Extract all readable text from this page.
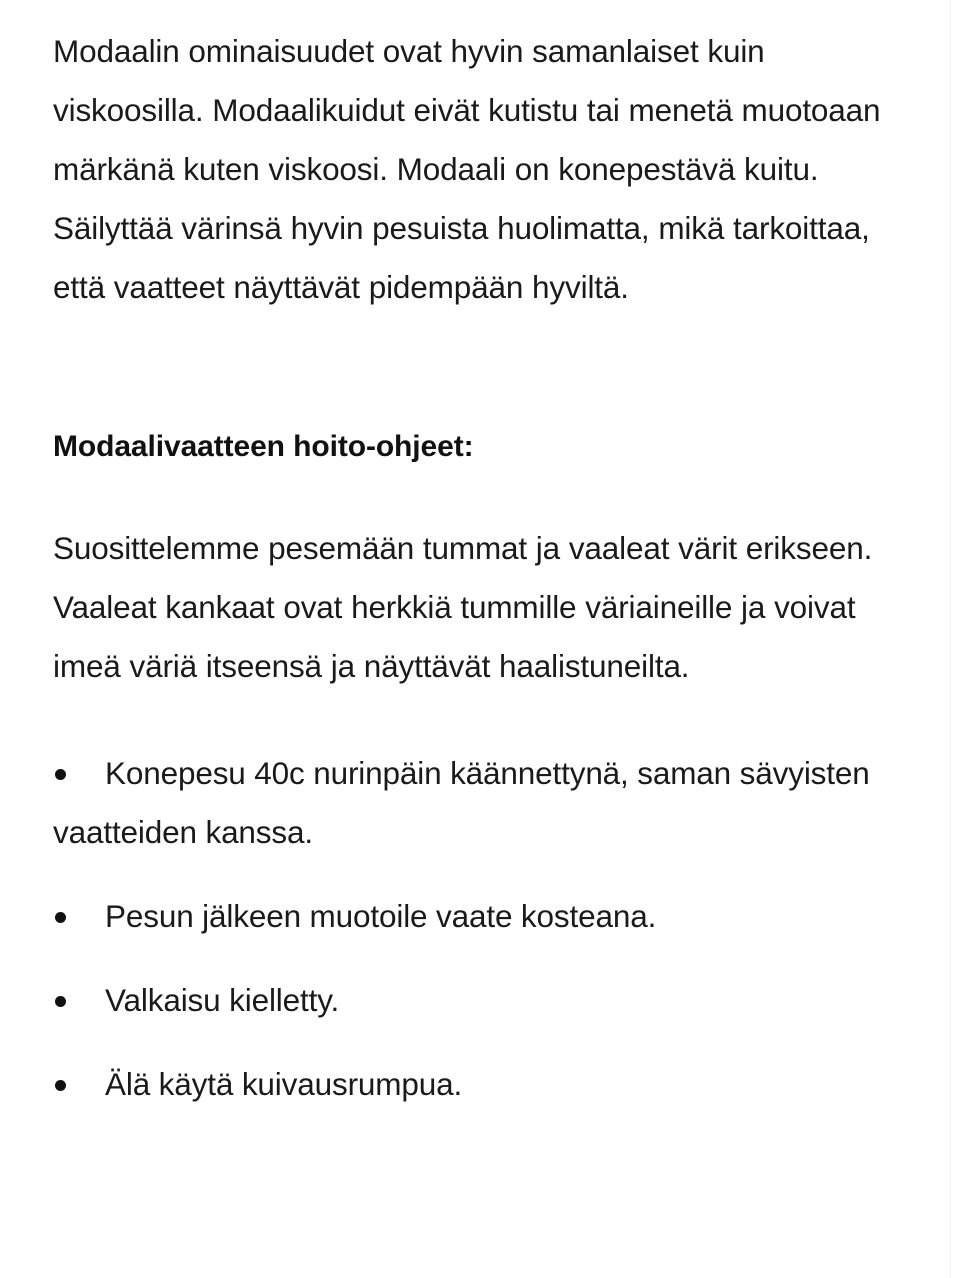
Modaalin ominaisuudet ovat hyvin samanlaiset kuin viskoosilla. Modaalikuidut eivät kutistu tai menetä muotoaan märkänä kuten viskoosi. Modaali on konepestävä kuitu. Säilyttää värinsä hyvin pesuista huolimatta, mikä tarkoittaa, että vaatteet näyttävät pidempään hyviltä.

Modaalivaatteen hoito-ohjeet:

Suosittelemme pesemään tummat ja vaaleat värit erikseen. Vaaleat kankaat ovat herkkiä tummille väriaineille ja voivat imeä väriä itseensä ja näyttävät haalistuneilta.

Konepesu 40c nurinpäin käännettynä, saman sävyisten vaatteiden kanssa.
Pesun jälkeen muotoile vaate kosteana.
Valkaisu kielletty.
Älä käytä kuivausrumpua.
